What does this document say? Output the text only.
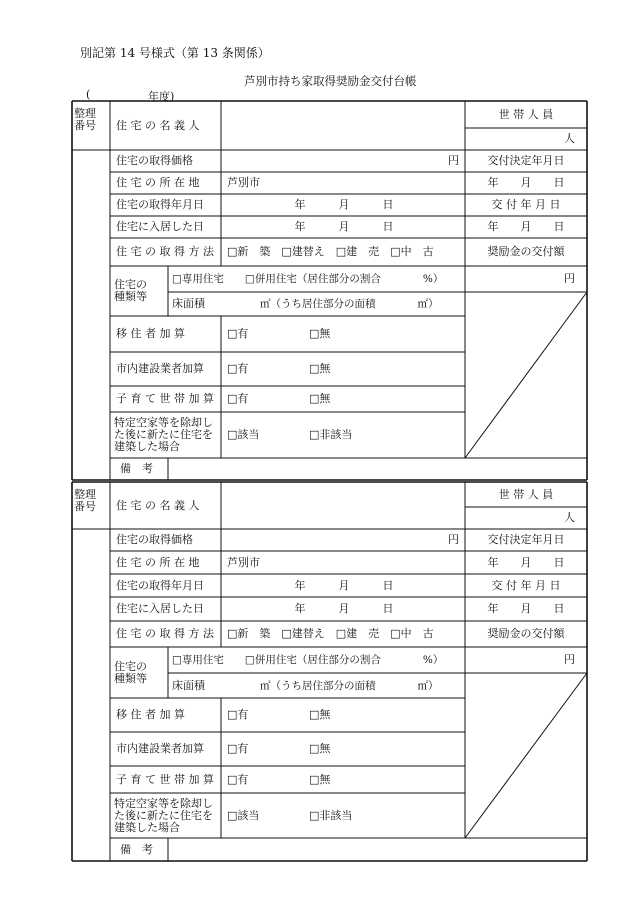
別記第 14 号様式（第 13 条関係）
芦別市持ち家取得奨励金交付台帳
(	年度)
整理
番号	住 宅 の 名 義 人
世 帯 人 員
人
住宅の取得価格	円	交付決定年月日
住 宅 の 所 在 地	芦別市	年　　月　　日
住宅の取得年月日	年　　　月　　　日	交 付 年 月 日
住宅に入居した日	年　　　月　　　日	年　　月　　日
住 宅 の 取 得 方 法	□新　築　□建替え　□建　売　□中　古	奨励金の交付額
住宅の
種類等
□専用住宅　　□併用住宅（居住部分の割合　　　　%）	円
床面積	㎡（うち居住部分の面積　　　　㎡）
移 住 者 加 算	□有	□無
市内建設業者加算	□有	□無
子 育 て 世 帯 加 算	□有	□無
特定空家等を除却した後に新たに住宅を建築した場合
□該当	□非該当
備　考
整理
番号	住 宅 の 名 義 人
世 帯 人 員
人
住宅の取得価格	円	交付決定年月日
住 宅 の 所 在 地	芦別市	年　　月　　日
住宅の取得年月日	年　　　月　　　日	交 付 年 月 日
住宅に入居した日	年　　　月　　　日	年　　月　　日
住 宅 の 取 得 方 法	□新　築　□建替え　□建　売　□中　古	奨励金の交付額
住宅の
種類等
□専用住宅　　□併用住宅（居住部分の割合　　　　%）	円
床面積	㎡（うち居住部分の面積　　　　㎡）
移 住 者 加 算	□有	□無
市内建設業者加算	□有	□無
子 育 て 世 帯 加 算	□有	□無
特定空家等を除却した後に新たに住宅を建築した場合
□該当	□非該当
備　考
